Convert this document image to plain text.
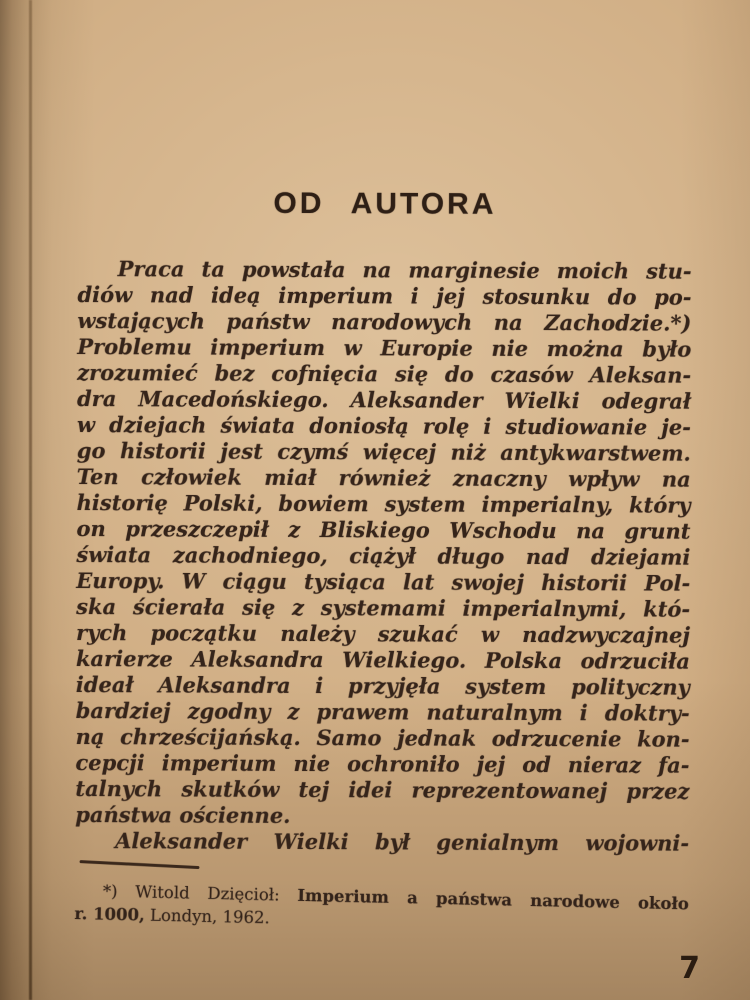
OD AUTORA
Praca ta powstała na marginesie moich stu-
diów nad ideą imperium i jej stosunku do po-
wstających państw narodowych na Zachodzie.*)
Problemu imperium w Europie nie można było
zrozumieć bez cofnięcia się do czasów Aleksan-
dra Macedońskiego. Aleksander Wielki odegrał
w dziejach świata doniosłą rolę i studiowanie je-
go historii jest czymś więcej niż antykwarstwem.
Ten człowiek miał również znaczny wpływ na
historię Polski, bowiem system imperialny, który
on przeszczepił z Bliskiego Wschodu na grunt
świata zachodniego, ciążył długo nad dziejami
Europy. W ciągu tysiąca lat swojej historii Pol-
ska ścierała się z systemami imperialnymi, któ-
rych początku należy szukać w nadzwyczajnej
karierze Aleksandra Wielkiego. Polska odrzuciła
ideał Aleksandra i przyjęła system polityczny
bardziej zgodny z prawem naturalnym i doktry-
ną chrześcijańską. Samo jednak odrzucenie kon-
cepcji imperium nie ochroniło jej od nieraz fa-
talnych skutków tej idei reprezentowanej przez
państwa ościenne.
Aleksander Wielki był genialnym wojowni-
*) Witold Dzięcioł: Imperium a państwa narodowe około
r. 1000, Londyn, 1962.
7
